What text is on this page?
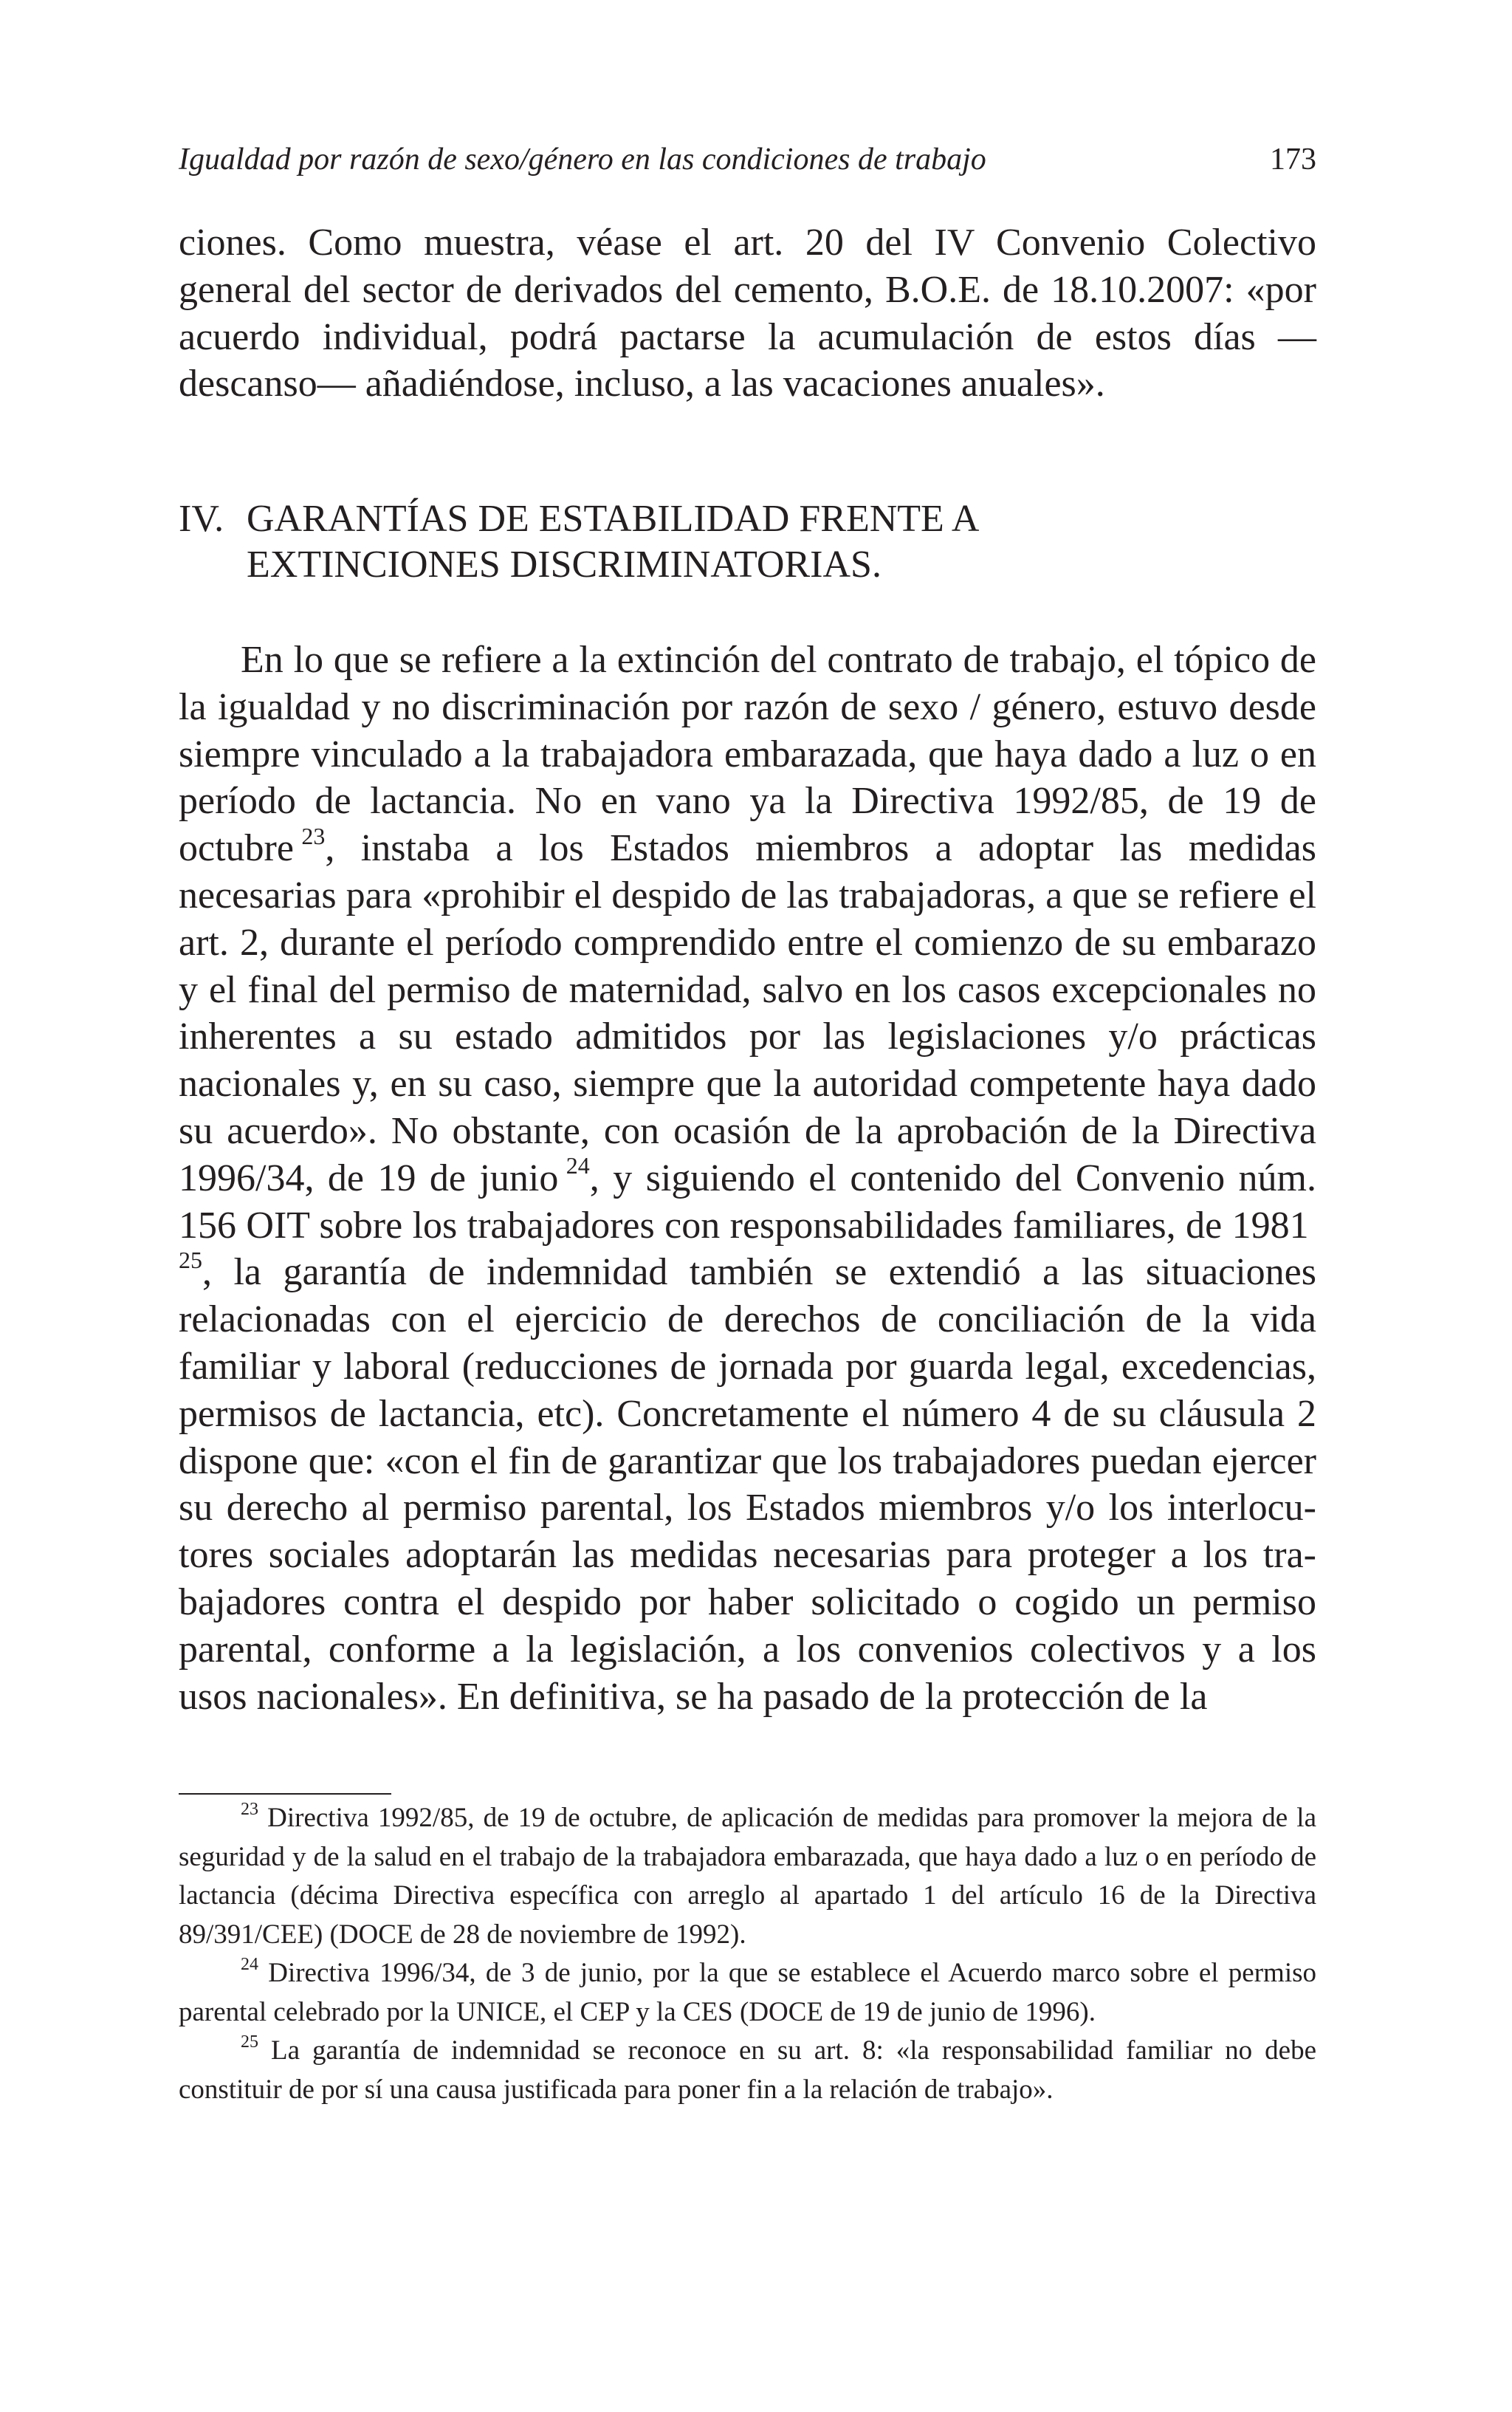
Igualdad por razón de sexo/género en las condiciones de trabajo	173

ciones. Como muestra, véase el art. 20 del IV Convenio Colectivo general del sector de derivados del cemento, B.O.E. de 18.10.2007: «por acuerdo individual, podrá pactarse la acumulación de estos días —descanso— añadiéndose, incluso, a las vacaciones anuales».

IV. GARANTÍAS DE ESTABILIDAD FRENTE A
EXTINCIONES DISCRIMINATORIAS.

En lo que se refiere a la extinción del contrato de trabajo, el tópico de la igualdad y no discriminación por razón de sexo / género, estuvo desde siempre vinculado a la trabajadora embarazada, que haya dado a luz o en período de lactancia. No en vano ya la Directiva 1992/85, de 19 de octubre  $^{23}$, instaba a los Estados miembros a adoptar las medidas necesarias para «prohibir el despido de las trabajadoras, a que se refiere el art. 2, durante el período comprendido entre el comienzo de su embarazo y el final del permiso de maternidad, salvo en los casos excepcionales no inherentes a su estado admitidos por las legislaciones y/o prácticas nacionales y, en su caso, siempre que la autoridad competente haya dado su acuerdo». No obstante, con ocasión de la aprobación de la Directiva 1996/34, de 19 de junio  $^{24}$, y siguiendo el contenido del Convenio núm. 156 OIT sobre los trabajadores con responsabilidades familiares, de 1981 $^{25}$, la garantía de indemnidad también se extendió a las situaciones relacionadas con el ejercicio de derechos de conciliación de la vida familiar y laboral (reducciones de jornada por guarda legal, excedencias, permisos de lactancia, etc). Concretamente el número 4 de su cláusula 2 dispone que: «con el fin de garantizar que los trabajadores puedan ejercer su derecho al permiso parental, los Estados miembros y/o los interlocutores sociales adoptarán las medidas necesarias para proteger a los trabajadores contra el despido por haber solicitado o cogido un permiso parental, conforme a la legislación, a los convenios colectivos y a los usos nacionales». En definitiva, se ha pasado de la protección de la

$^{23}$ Directiva 1992/85, de 19 de octubre, de aplicación de medidas para promover la mejora de la seguridad y de la salud en el trabajo de la trabajadora embarazada, que haya dado a luz o en período de lactancia (décima Directiva específica con arreglo al apartado 1 del artículo 16 de la Directiva 89/391/CEE) (DOCE de 28 de noviembre de 1992).

$^{24}$ Directiva 1996/34, de 3 de junio, por la que se establece el Acuerdo marco sobre el permiso parental celebrado por la UNICE, el CEP y la CES (DOCE de 19 de junio de 1996).

$^{25}$ La garantía de indemnidad se reconoce en su art. 8: «la responsabilidad familiar no debe constituir de por sí una causa justificada para poner fin a la relación de trabajo».
